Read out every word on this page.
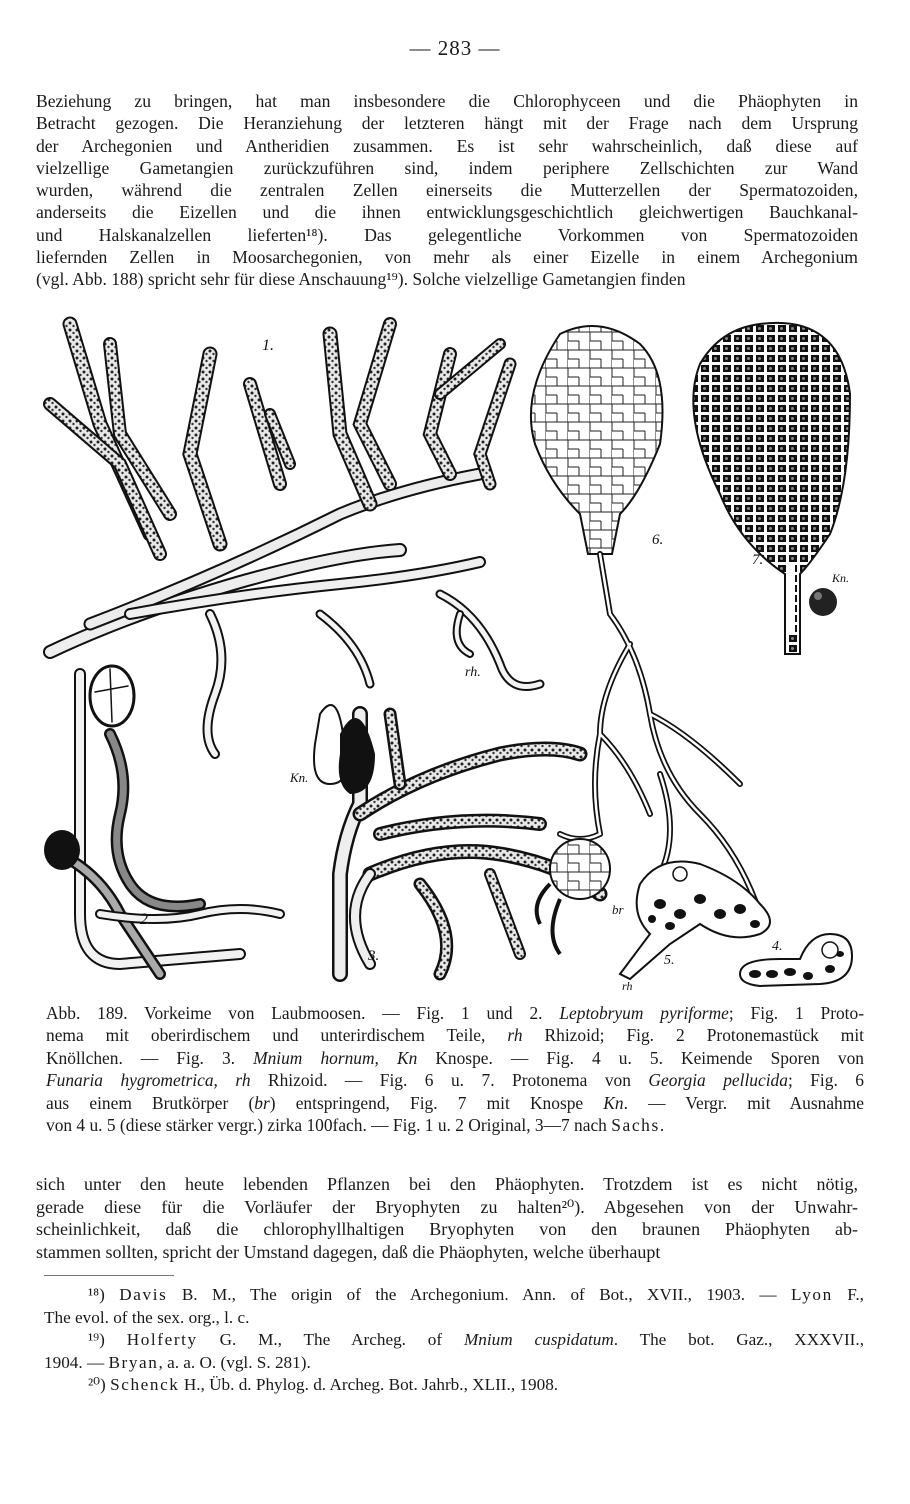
— 283 —
Beziehung zu bringen, hat man insbesondere die Chlorophyceen und die Phäophyten in
Betracht gezogen. Die Heranziehung der letzteren hängt mit der Frage nach dem Ursprung
der Archegonien und Antheridien zusammen. Es ist sehr wahrscheinlich, daß diese auf
vielzellige Gametangien zurückzuführen sind, indem periphere Zellschichten zur Wand
wurden, während die zentralen Zellen einerseits die Mutterzellen der Spermatozoiden,
anderseits die Eizellen und die ihnen entwicklungsgeschichtlich gleichwertigen Bauchkanal-
und Halskanalzellen lieferten¹⁸). Das gelegentliche Vorkommen von Spermatozoiden
liefernden Zellen in Moosarchegonien, von mehr als einer Eizelle in einem Archegonium
(vgl. Abb. 188) spricht sehr für diese Anschauung¹⁹). Solche vielzellige Gametangien finden
1.
rh.
2.
Kn.
3.
6.
br
7.
Kn.
5.
rh
4.
Abb. 189. Vorkeime von Laubmoosen. — Fig. 1 und 2. Leptobryum pyriforme; Fig. 1 Proto-
nema mit oberirdischem und unterirdischem Teile, rh Rhizoid; Fig. 2 Protonemastück mit
Knöllchen. — Fig. 3. Mnium hornum, Kn Knospe. — Fig. 4 u. 5. Keimende Sporen von
Funaria hygrometrica, rh Rhizoid. — Fig. 6 u. 7. Protonema von Georgia pellucida; Fig. 6
aus einem Brutkörper (br) entspringend, Fig. 7 mit Knospe Kn. — Vergr. mit Ausnahme
von 4 u. 5 (diese stärker vergr.) zirka 100fach. — Fig. 1 u. 2 Original, 3—7 nach Sachs.
sich unter den heute lebenden Pflanzen bei den Phäophyten. Trotzdem ist es nicht nötig,
gerade diese für die Vorläufer der Bryophyten zu halten²⁰). Abgesehen von der Unwahr-
scheinlichkeit, daß die chlorophyllhaltigen Bryophyten von den braunen Phäophyten ab-
stammen sollten, spricht der Umstand dagegen, daß die Phäophyten, welche überhaupt
¹⁸) Davis B. M., The origin of the Archegonium. Ann. of Bot., XVII., 1903. — Lyon F.,
The evol. of the sex. org., l. c.
¹⁹) Holferty G. M., The Archeg. of Mnium cuspidatum. The bot. Gaz., XXXVII.,
1904. — Bryan, a. a. O. (vgl. S. 281).
²⁰) Schenck H., Üb. d. Phylog. d. Archeg. Bot. Jahrb., XLII., 1908.
